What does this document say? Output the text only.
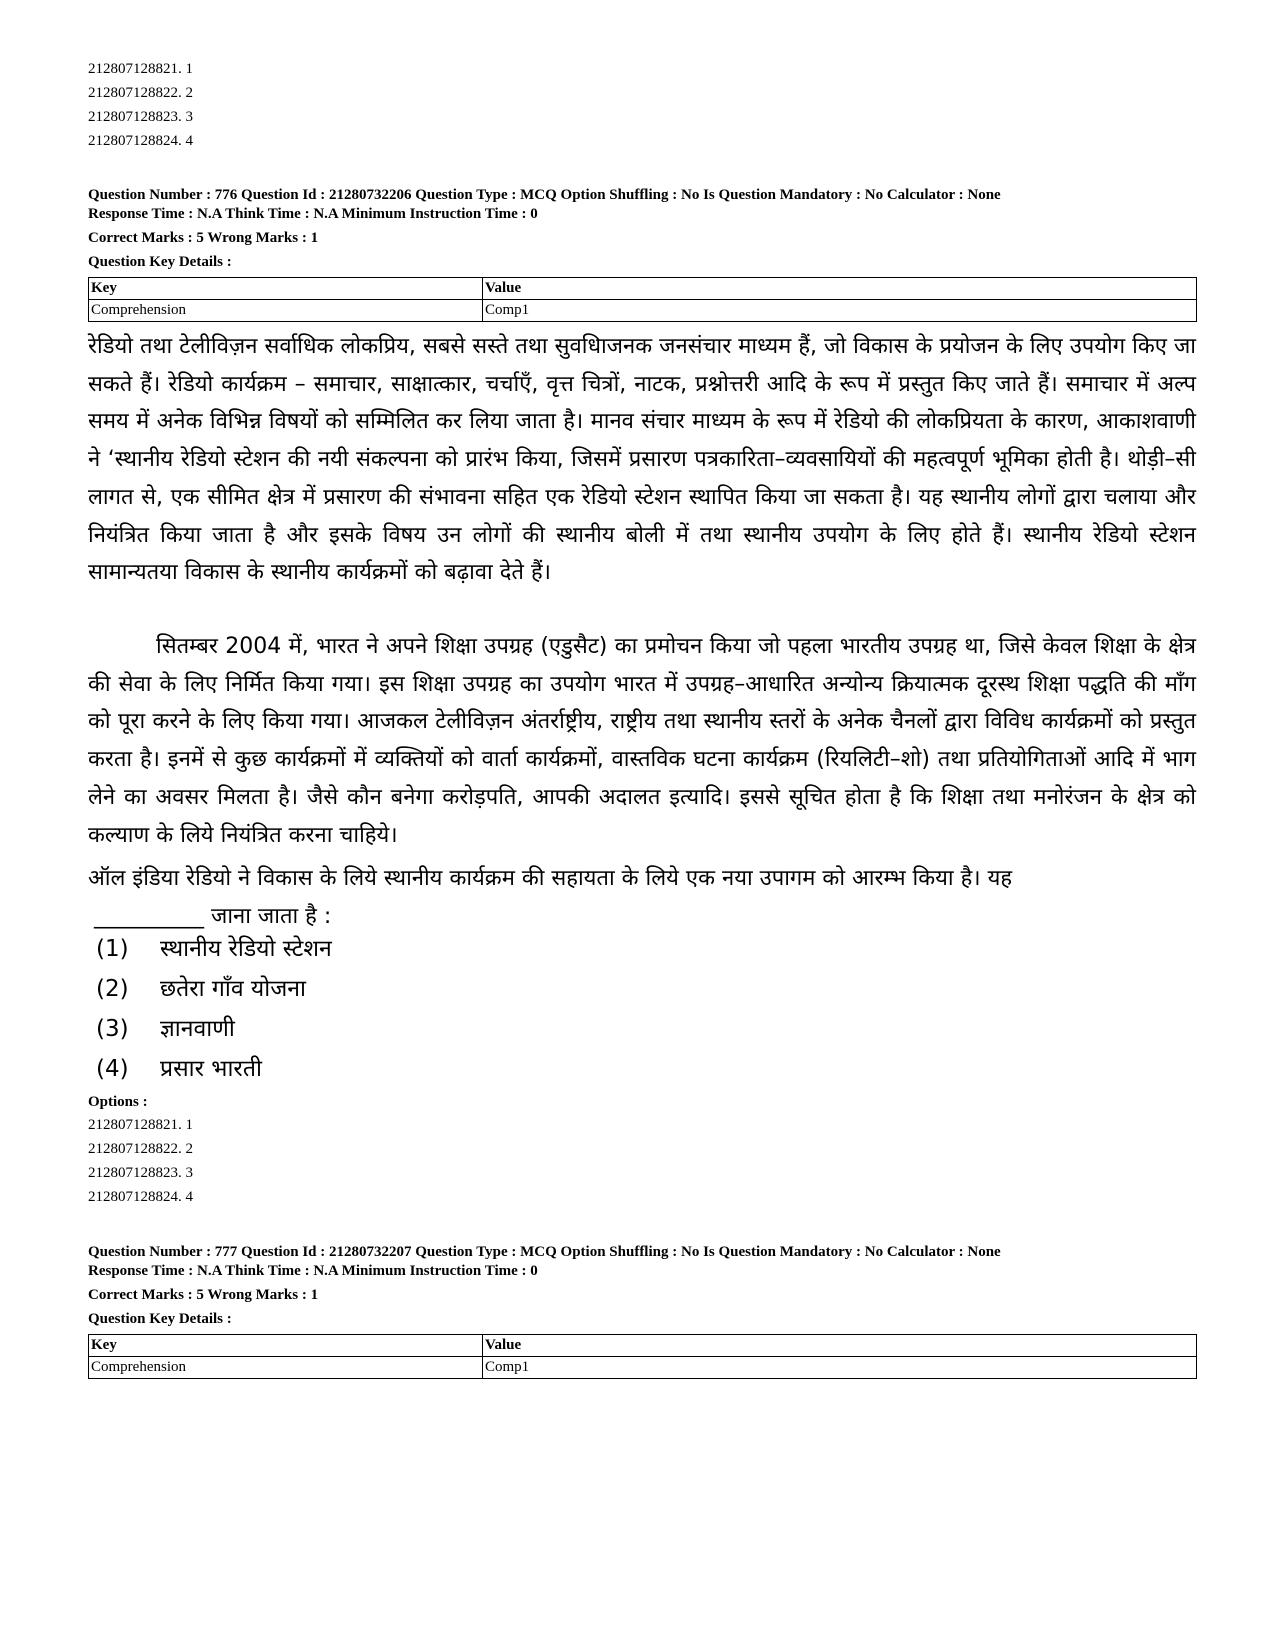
212807128821. 1
212807128822. 2
212807128823. 3
212807128824. 4
Question Number : 776 Question Id : 21280732206 Question Type : MCQ Option Shuffling : No Is Question Mandatory : No Calculator : None
Response Time : N.A Think Time : N.A Minimum Instruction Time : 0
Correct Marks : 5 Wrong Marks : 1
Question Key Details :
Key	Value
Comprehension	Comp1
रेडियो तथा टेलीविज़न सर्वाधिक लोकप्रिय, सबसे सस्ते तथा सुवधिाजनक जनसंचार माध्यम हैं, जो विकास के प्रयोजन के लिए उपयोग किए जा सकते हैं। रेडियो कार्यक्रम – समाचार, साक्षात्कार, चर्चाएँ, वृत्त चित्रों, नाटक, प्रश्नोत्तरी आदि के रूप में प्रस्तुत किए जाते हैं। समाचार में अल्प समय में अनेक विभिन्न विषयों को सम्मिलित कर लिया जाता है। मानव संचार माध्यम के रूप में रेडियो की लोकप्रियता के कारण, आकाशवाणी ने ‘स्थानीय रेडियो स्टेशन की नयी संकल्पना को प्रारंभ किया, जिसमें प्रसारण पत्रकारिता–व्यवसायियों की महत्वपूर्ण भूमिका होती है। थोड़ी–सी लागत से, एक सीमित क्षेत्र में प्रसारण की संभावना सहित एक रेडियो स्टेशन स्थापित किया जा सकता है। यह स्थानीय लोगों द्वारा चलाया और नियंत्रित किया जाता है और इसके विषय उन लोगों की स्थानीय बोली में तथा स्थानीय उपयोग के लिए होते हैं। स्थानीय रेडियो स्टेशन सामान्यतया विकास के स्थानीय कार्यक्रमों को बढ़ावा देते हैं।
सितम्बर 2004 में, भारत ने अपने शिक्षा उपग्रह (एडुसैट) का प्रमोचन किया जो पहला भारतीय उपग्रह था, जिसे केवल शिक्षा के क्षेत्र की सेवा के लिए निर्मित किया गया। इस शिक्षा उपग्रह का उपयोग भारत में उपग्रह–आधारित अन्योन्य क्रियात्मक दूरस्थ शिक्षा पद्धति की माँग को पूरा करने के लिए किया गया। आजकल टेलीविज़न अंतर्राष्ट्रीय, राष्ट्रीय तथा स्थानीय स्तरों के अनेक चैनलों द्वारा विविध कार्यक्रमों को प्रस्तुत करता है। इनमें से कुछ कार्यक्रमों में व्यक्तियों को वार्ता कार्यक्रमों, वास्तविक घटना कार्यक्रम (रियलिटी–शो) तथा प्रतियोगिताओं आदि में भाग लेने का अवसर मिलता है। जैसे कौन बनेगा करोड़पति, आपकी अदालत इत्यादि। इससे सूचित होता है कि शिक्षा तथा मनोरंजन के क्षेत्र को कल्याण के लिये नियंत्रित करना चाहिये।
ऑल इंडिया रेडियो ने विकास के लिये स्थानीय कार्यक्रम की सहायता के लिये एक नया उपागम को आरम्भ किया है। यह
__________ जाना जाता है :
(1) स्थानीय रेडियो स्टेशन
(2) छतेरा गाँव योजना
(3) ज्ञानवाणी
(4) प्रसार भारती
Options :
212807128821. 1
212807128822. 2
212807128823. 3
212807128824. 4
Question Number : 777 Question Id : 21280732207 Question Type : MCQ Option Shuffling : No Is Question Mandatory : No Calculator : None
Response Time : N.A Think Time : N.A Minimum Instruction Time : 0
Correct Marks : 5 Wrong Marks : 1
Question Key Details :
Key	Value
Comprehension	Comp1
